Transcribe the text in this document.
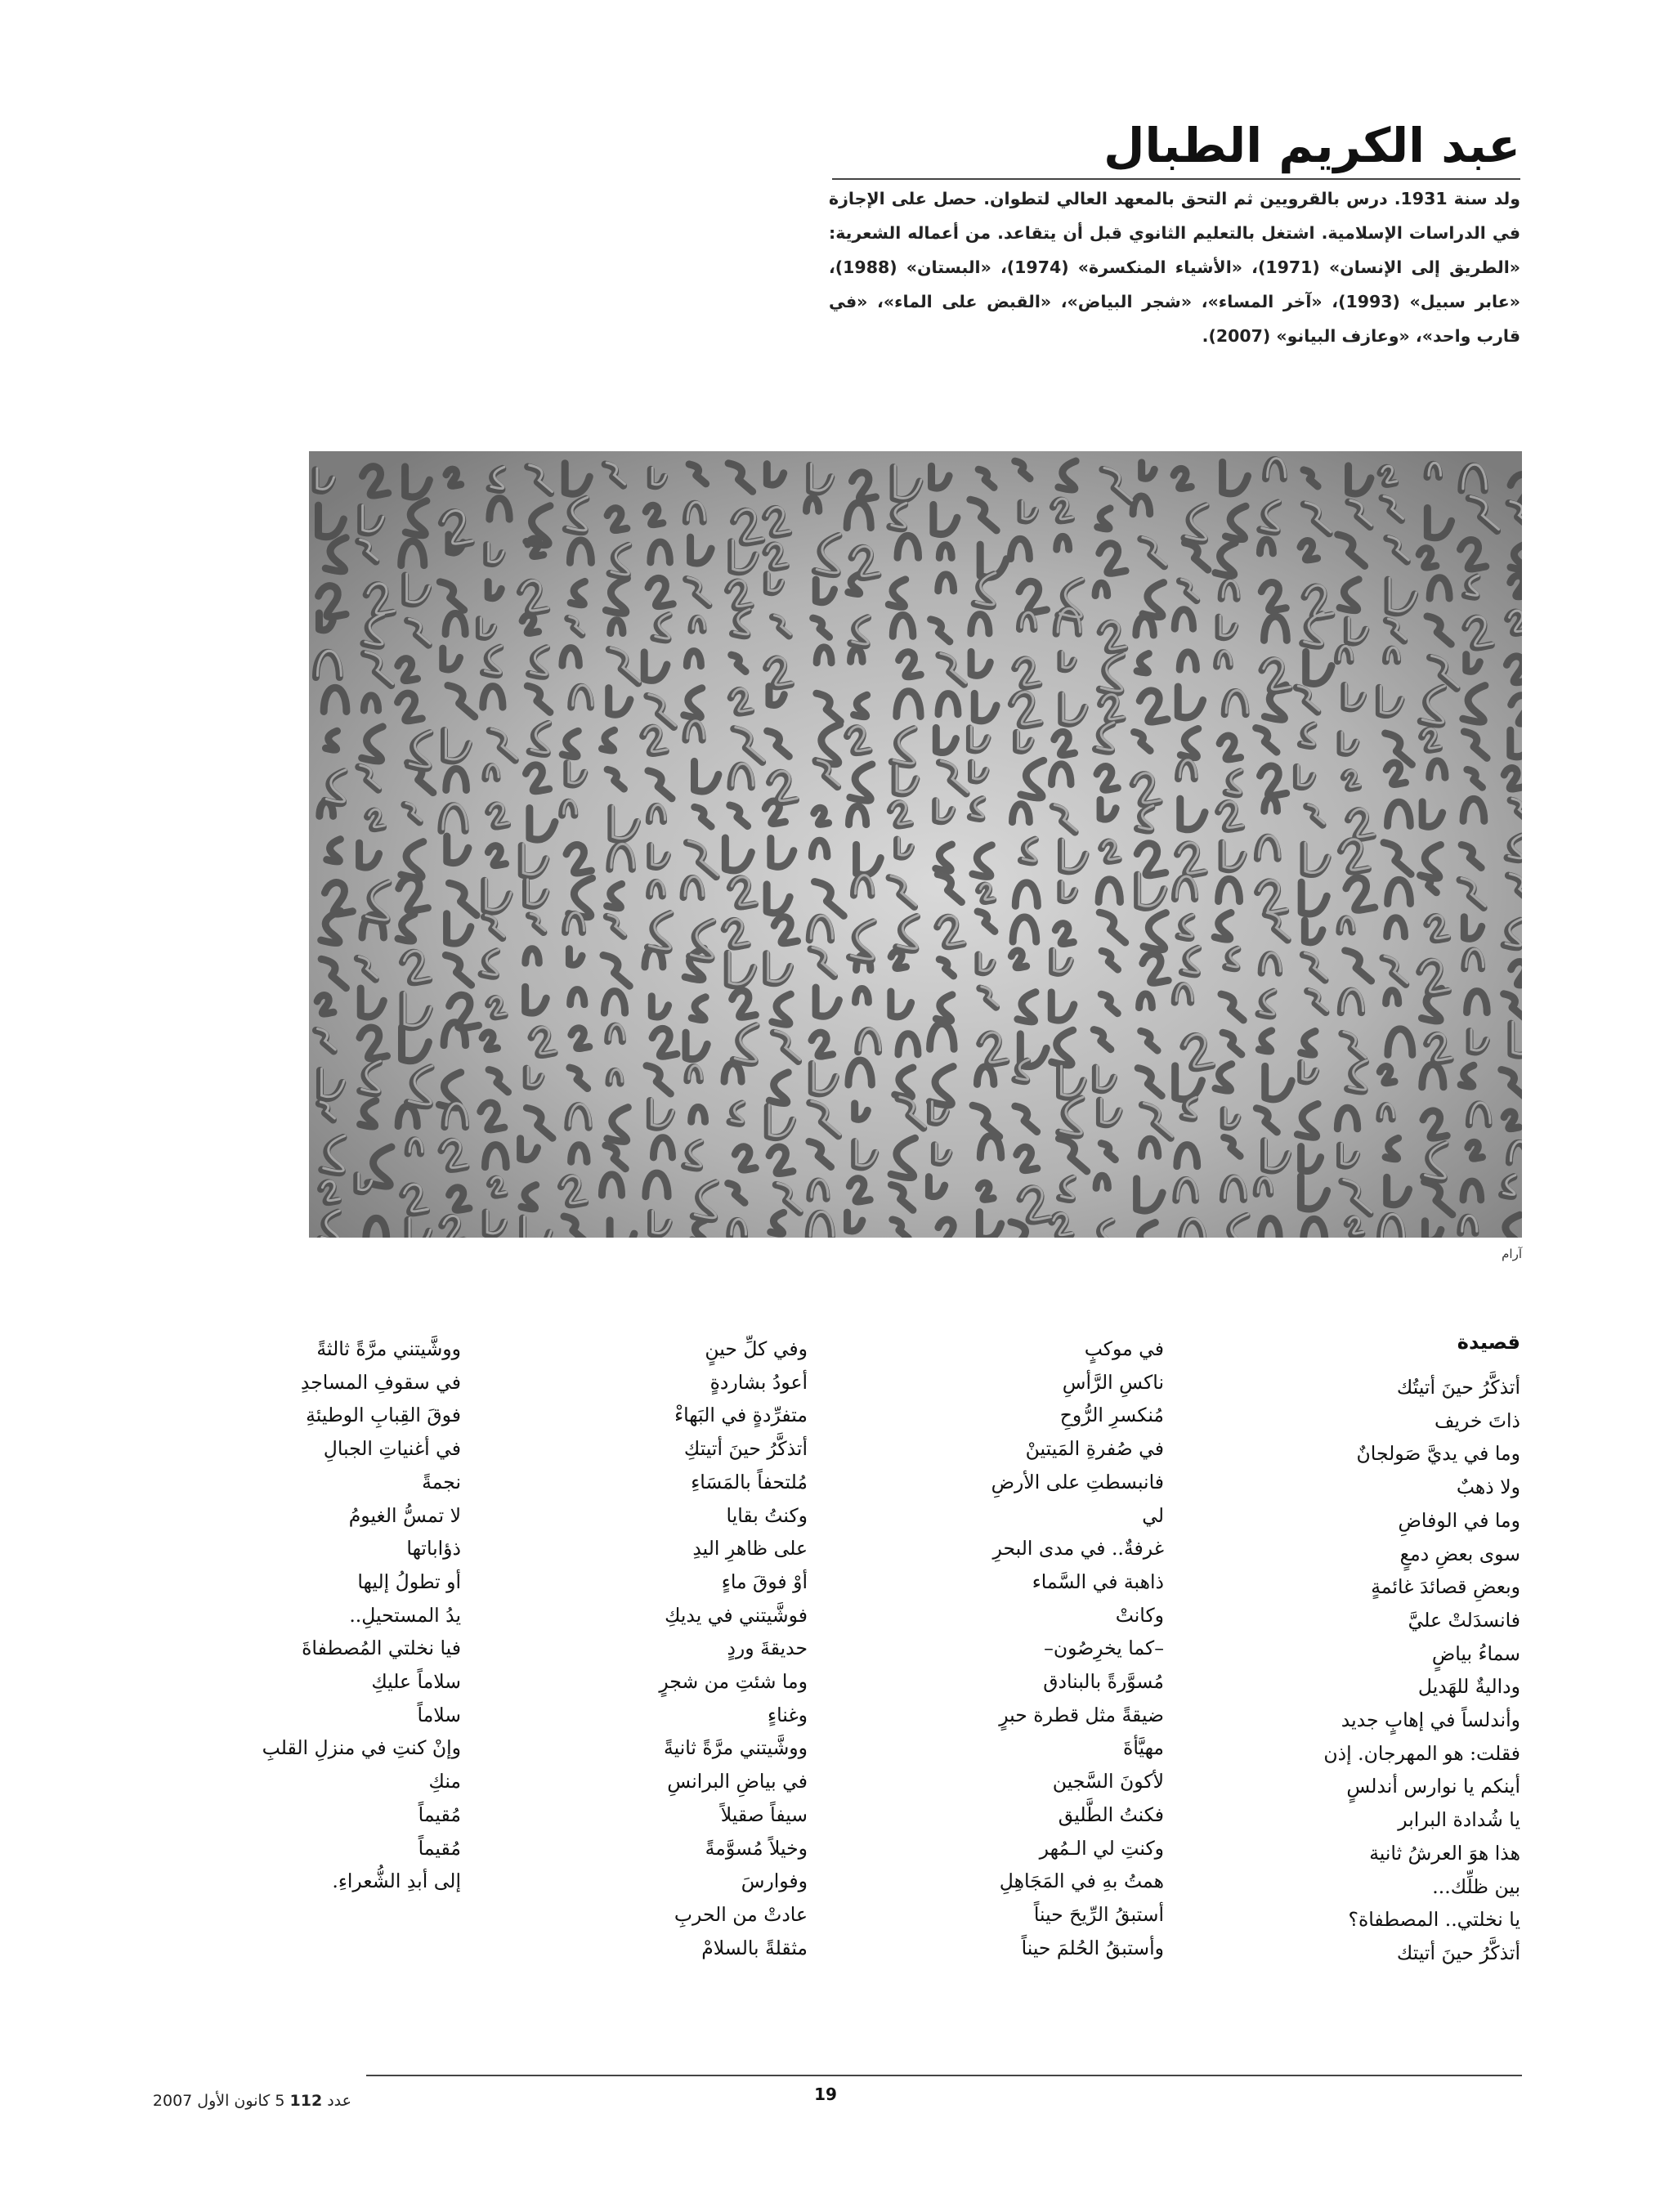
عبد الكريم الطبال

ولد سنة 1931. درس بالقرويين ثم التحق بالمعهد العالي لتطوان. حصل على الإجازة في الدراسات الإسلامية. اشتغل بالتعليم الثانوي قبل أن يتقاعد. من أعماله الشعرية: «الطريق إلى الإنسان» (1971)، «الأشياء المنكسرة» (1974)، «البستان» (1988)، «عابر سبيل» (1993)، «آخر المساء»، «شجر البياض»، «القبض على الماء»، «في قارب واحد»، «وعازف البيانو» (2007).

آرام
قصيدة
أتذكَّرُ حينَ أتيتُك
ذاتَ خريف
وما في يديَّ صَولجانٌ
ولا ذهبٌ
وما في الوفاضِ
سوى بعضِ دمعٍ
وبعضِ قصائدَ غائمةٍ
فانسدَلتْ عليَّ
سماءُ بياضٍ
وداليةٌ للهَديل
وأندلساً في إهابٍ جديد
فقلت: هو المهرجان. إذن
أينكم يا نوارس أندلسٍ
يا شُدادة البرابر
هذا هوَ العرشُ ثانية
بين ظلِّك...
يا نخلتي.. المصطفاة؟
أتذكَّرُ حينَ أتيتك
في موكبٍ
ناكسِ الرَّأسِ
مُنكسرِ الرُّوحِ
في صُفرةِ المَيتينْ
فانبسطتِ على الأرضِ
لي
غرفةٌ.. في مدى البحرِ
ذاهبة في السَّماء
وكانتْ
–كما يخرِصُون–
مُسوَّرةً بالبنادق
ضيقةً مثل قطرة حبرٍ
مهيَّأةَ
لأكونَ السَّجين
فكنتُ الطَّليق
وكنتِ لي الـمُهر
همتُ بهِ في المَجَاهِلِ
أستبقُ الرِّيحَ حيناً
وأستبقُ الحُلمَ حيناً
وفي كلِّ حينٍ
أعودُ بشاردةٍ
متفرِّدةٍ في البَهاءْ
أتذكَّرُ حينَ أتيتكِ
مُلتحفاً بالمَسَاءِ
وكنتُ بقايا
على ظاهرِ اليدِ
أوْ فوقَ ماءٍ
فوشَّيتني في يديكِ
حديقةَ وردٍ
وما شئتِ من شجرٍ
وغناءٍ
ووشَّيتني مرَّةً ثانيةً
في بياضِ البرانسِ
سيفاً صقيلاً
وخيلاً مُسوَّمةً
وفوارسَ
عادتْ من الحربِ
مثقلةً بالسلامْ
ووشَّيتني مرَّةً ثالثةً
في سقوفِ المساجدِ
فوقَ القِبابِ الوطيئةِ
في أغنياتِ الجبالِ
نجمةً
لا تمسُّ الغيومُ
ذؤاباتها
أو تطولُ إليها
يدُ المستحيلِ..
فيا نخلتي المُصطفاةَ
سلاماً عليكِ
سلاماً
وإنْ كنتِ في منزلِ القلبِ
منكِ
مُقيماً
مُقيماً
إلى أبدِ الشُّعراءِ.
19
عدد 112 5 كانون الأول 2007
